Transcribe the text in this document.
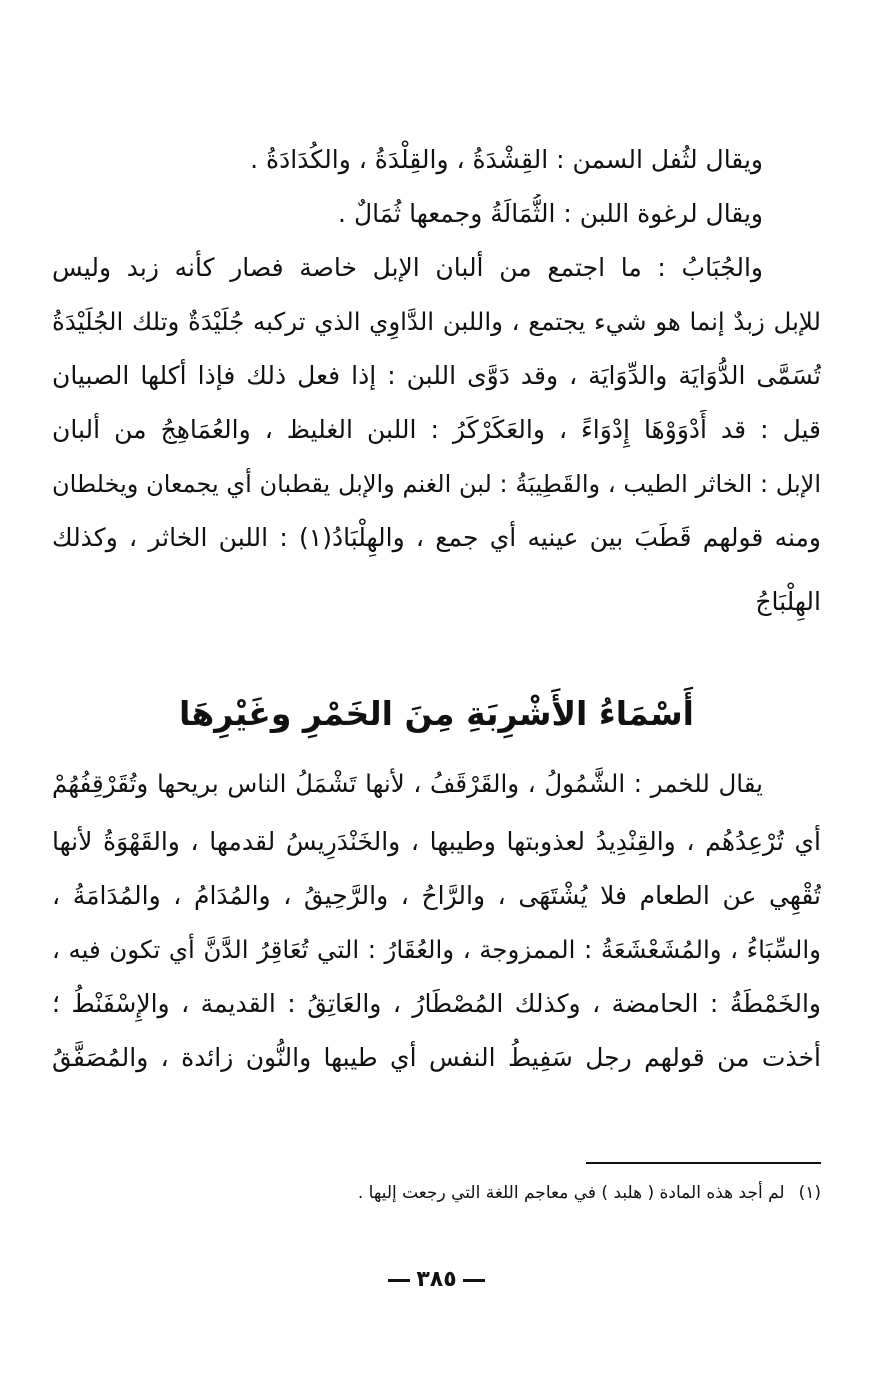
ويقال لثُفل السمن : القِشْدَةُ ، والقِلْدَةُ ، والكُدَادَةُ .
ويقال لرغوة اللبن : الثُّمَالَةُ وجمعها ثُمَالٌ .
والجُبَابُ : ما اجتمع من ألبان الإبل خاصة فصار كأنه زبد وليس
للإبل زبدٌ إنما هو شيء يجتمع ، واللبن الدَّاوِي الذي تركبه جُلَيْدَةٌ وتلك الجُلَيْدَةُ
تُسَمَّى الدُّوَايَة والدِّوَايَة ، وقد دَوَّى اللبن : إذا فعل ذلك فإذا أكلها الصبيان
قيل : قد أَدْوَوْهَا إِدْوَاءً ، والعَكَرْكَرُ : اللبن الغليظ ، والعُمَاهِجُ من ألبان
الإبل : الخاثر الطيب ، والقَطِيبَةُ : لبن الغنم والإبل يقطبان أي يجمعان ويخلطان
ومنه قولهم قَطَبَ بين عينيه أي جمع ، والهِلْبَادُ(١) : اللبن الخاثر ، وكذلك
الهِلْبَاجُ
أَسْمَاءُ الأَشْرِبَةِ مِنَ الخَمْرِ وغَيْرِهَا
يقال للخمر : الشَّمُولُ ، والقَرْقَفُ ، لأنها تَشْمَلُ الناس بريحها وتُقَرْقِفُهُمْ
أي تُرْعِدُهُم ، والقِنْدِيدُ لعذوبتها وطيبها ، والخَنْدَرِيسُ لقدمها ، والقَهْوَةُ لأنها
تُقْهِي عن الطعام فلا يُشْتَهَى ، والرَّاحُ ، والرَّحِيقُ ، والمُدَامُ ، والمُدَامَةُ ،
والسِّبَاءُ ، والمُشَعْشَعَةُ : الممزوجة ، والعُقَارُ : التي تُعَاقِرُ الدَّنَّ أي تكون فيه ،
والخَمْطَةُ : الحامضة ، وكذلك المُصْطَارُ ، والعَاتِقُ : القديمة ، والإِسْفَنْطُ ؛
أخذت من قولهم رجل سَفِيطُ النفس أي طيبها والنُّون زائدة ، والمُصَفَّقُ
(١)لم أجد هذه المادة ( هلبد ) في معاجم اللغة التي رجعت إليها .
٣٨٥
